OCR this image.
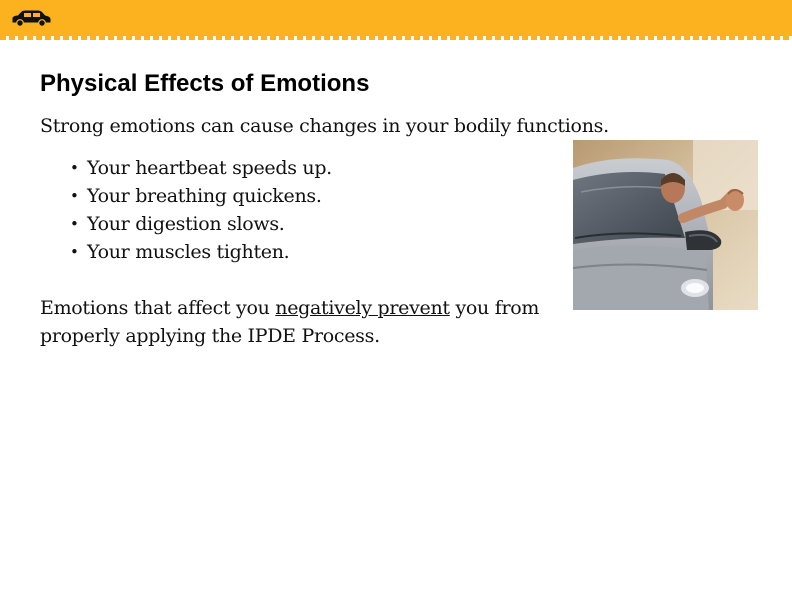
Physical Effects of Emotions

Strong emotions can cause changes in your bodily functions.

• Your heartbeat speeds up.
• Your breathing quickens.
• Your digestion slows.
• Your muscles tighten.

Emotions that affect you negatively prevent you from properly applying the IPDE Process.
